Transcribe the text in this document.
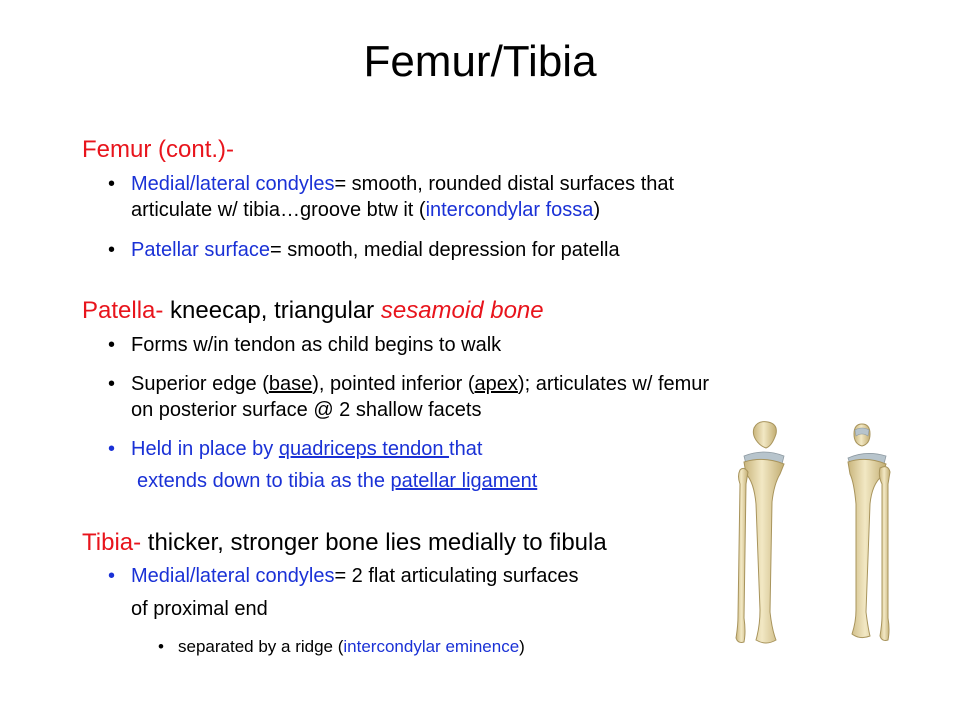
Femur/Tibia
Femur (cont.)-
• Medial/lateral condyles= smooth, rounded distal surfaces that
articulate w/ tibia…groove btw it (intercondylar fossa)
• Patellar surface= smooth, medial depression for patella
Patella- kneecap, triangular sesamoid bone
• Forms w/in tendon as child begins to walk
• Superior edge (base), pointed inferior (apex); articulates w/ femur
on posterior surface @ 2 shallow facets
• Held in place by quadriceps tendon that
extends down to tibia as the patellar ligament
Tibia- thicker, stronger bone lies medially to fibula
• Medial/lateral condyles= 2 flat articulating surfaces
of proximal end
• separated by a ridge (intercondylar eminence)
